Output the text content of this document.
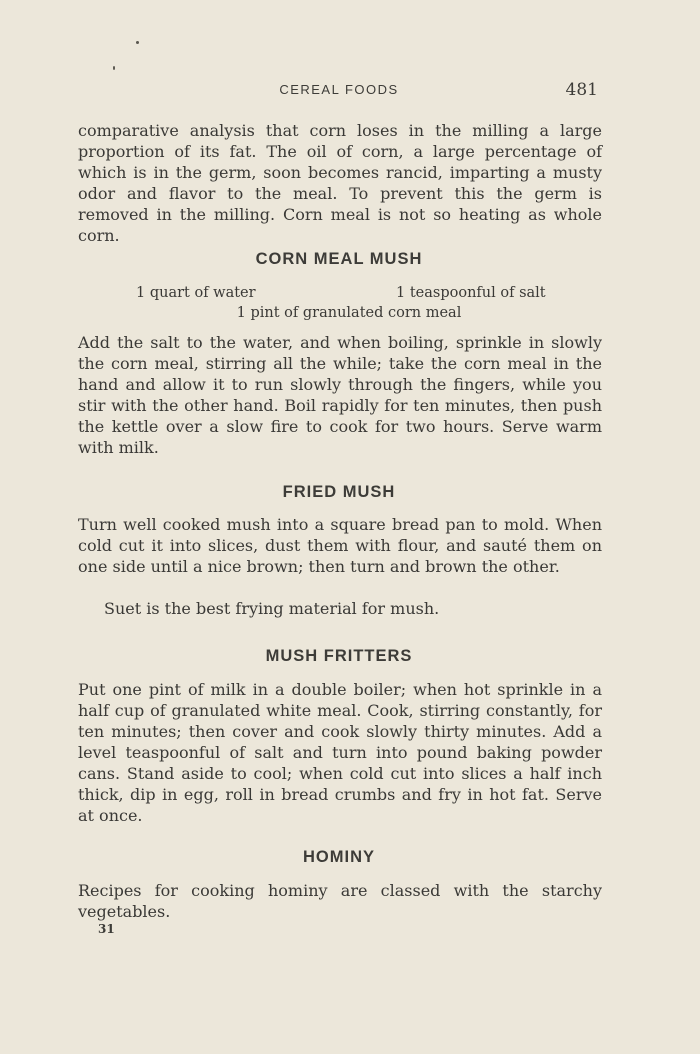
CEREAL FOODS	481
comparative analysis that corn loses in the milling a large proportion of its fat. The oil of corn, a large percentage of which is in the germ, soon becomes rancid, imparting a musty odor and flavor to the meal. To prevent this the germ is removed in the milling. Corn meal is not so heating as whole corn.
CORN MEAL MUSH
1 quart of water	1 teaspoonful of salt
1 pint of granulated corn meal
Add the salt to the water, and when boiling, sprinkle in slowly the corn meal, stirring all the while; take the corn meal in the hand and allow it to run slowly through the fingers, while you stir with the other hand. Boil rapidly for ten minutes, then push the kettle over a slow fire to cook for two hours. Serve warm with milk.
FRIED MUSH
Turn well cooked mush into a square bread pan to mold. When cold cut it into slices, dust them with flour, and sauté them on one side until a nice brown; then turn and brown the other.
Suet is the best frying material for mush.
MUSH FRITTERS
Put one pint of milk in a double boiler; when hot sprinkle in a half cup of granulated white meal. Cook, stirring constantly, for ten minutes; then cover and cook slowly thirty minutes. Add a level teaspoonful of salt and turn into pound baking powder cans. Stand aside to cool; when cold cut into slices a half inch thick, dip in egg, roll in bread crumbs and fry in hot fat. Serve at once.
HOMINY
Recipes for cooking hominy are classed with the starchy vegetables.
31
